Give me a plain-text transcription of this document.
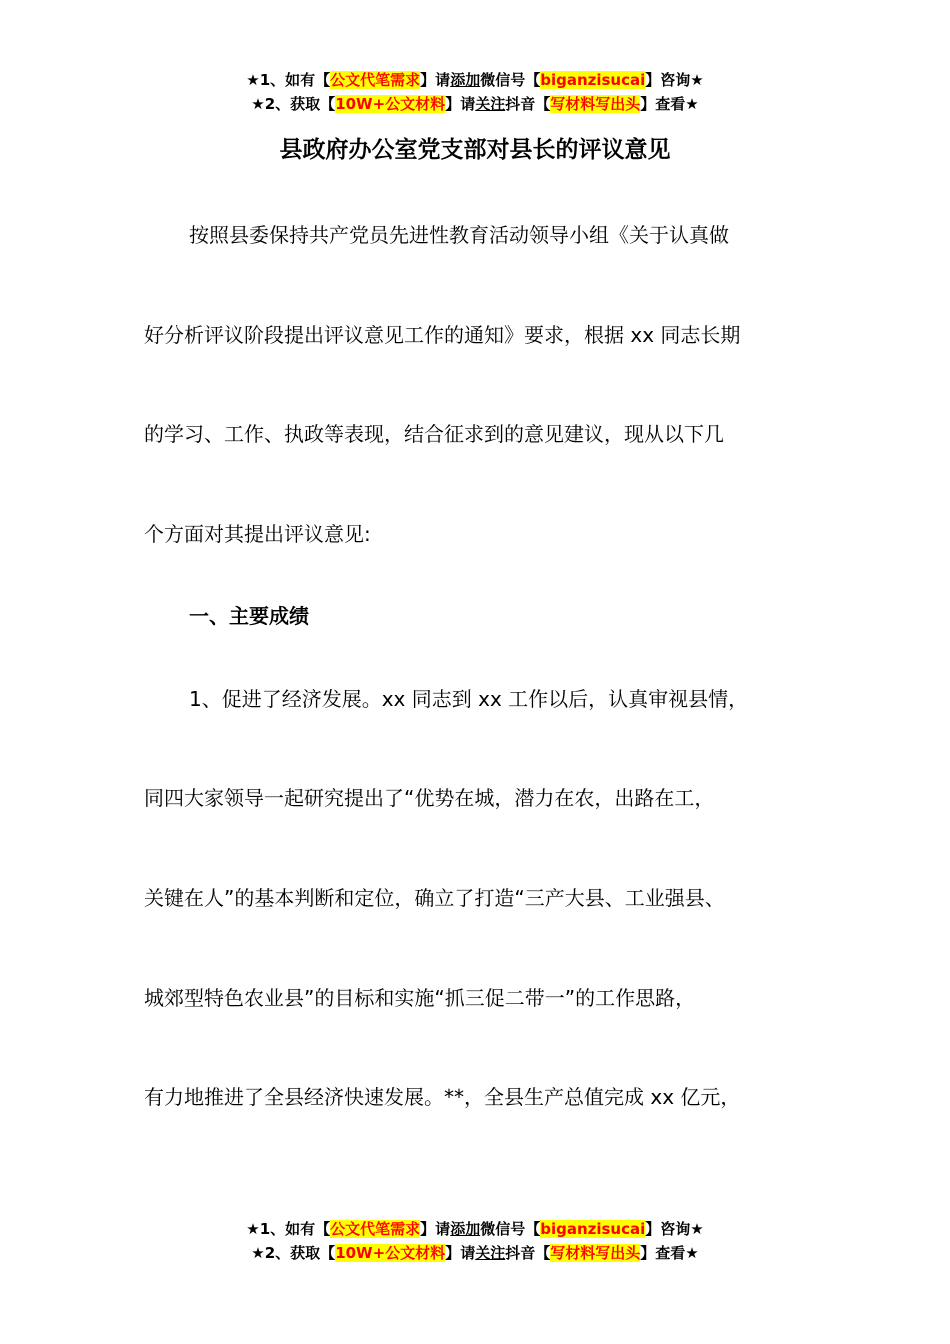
★1、如有【公文代笔需求】请添加微信号【biganzisucai】咨询★
★2、获取【10W+公文材料】请关注抖音【写材料写出头】查看★
县政府办公室党支部对县长的评议意见
按照县委保持共产党员先进性教育活动领导小组《关于认真做
好分析评议阶段提出评议意见工作的通知》要求，根据 xx 同志长期
的学习、工作、执政等表现，结合征求到的意见建议，现从以下几
个方面对其提出评议意见:
一、主要成绩
1、促进了经济发展。xx 同志到 xx 工作以后，认真审视县情，
同四大家领导一起研究提出了“优势在城，潜力在农，出路在工，
关键在人”的基本判断和定位，确立了打造“三产大县、工业强县、
城郊型特色农业县”的目标和实施“抓三促二带一”的工作思路，
有力地推进了全县经济快速发展。**，全县生产总值完成 xx 亿元，
★1、如有【公文代笔需求】请添加微信号【biganzisucai】咨询★
★2、获取【10W+公文材料】请关注抖音【写材料写出头】查看★
